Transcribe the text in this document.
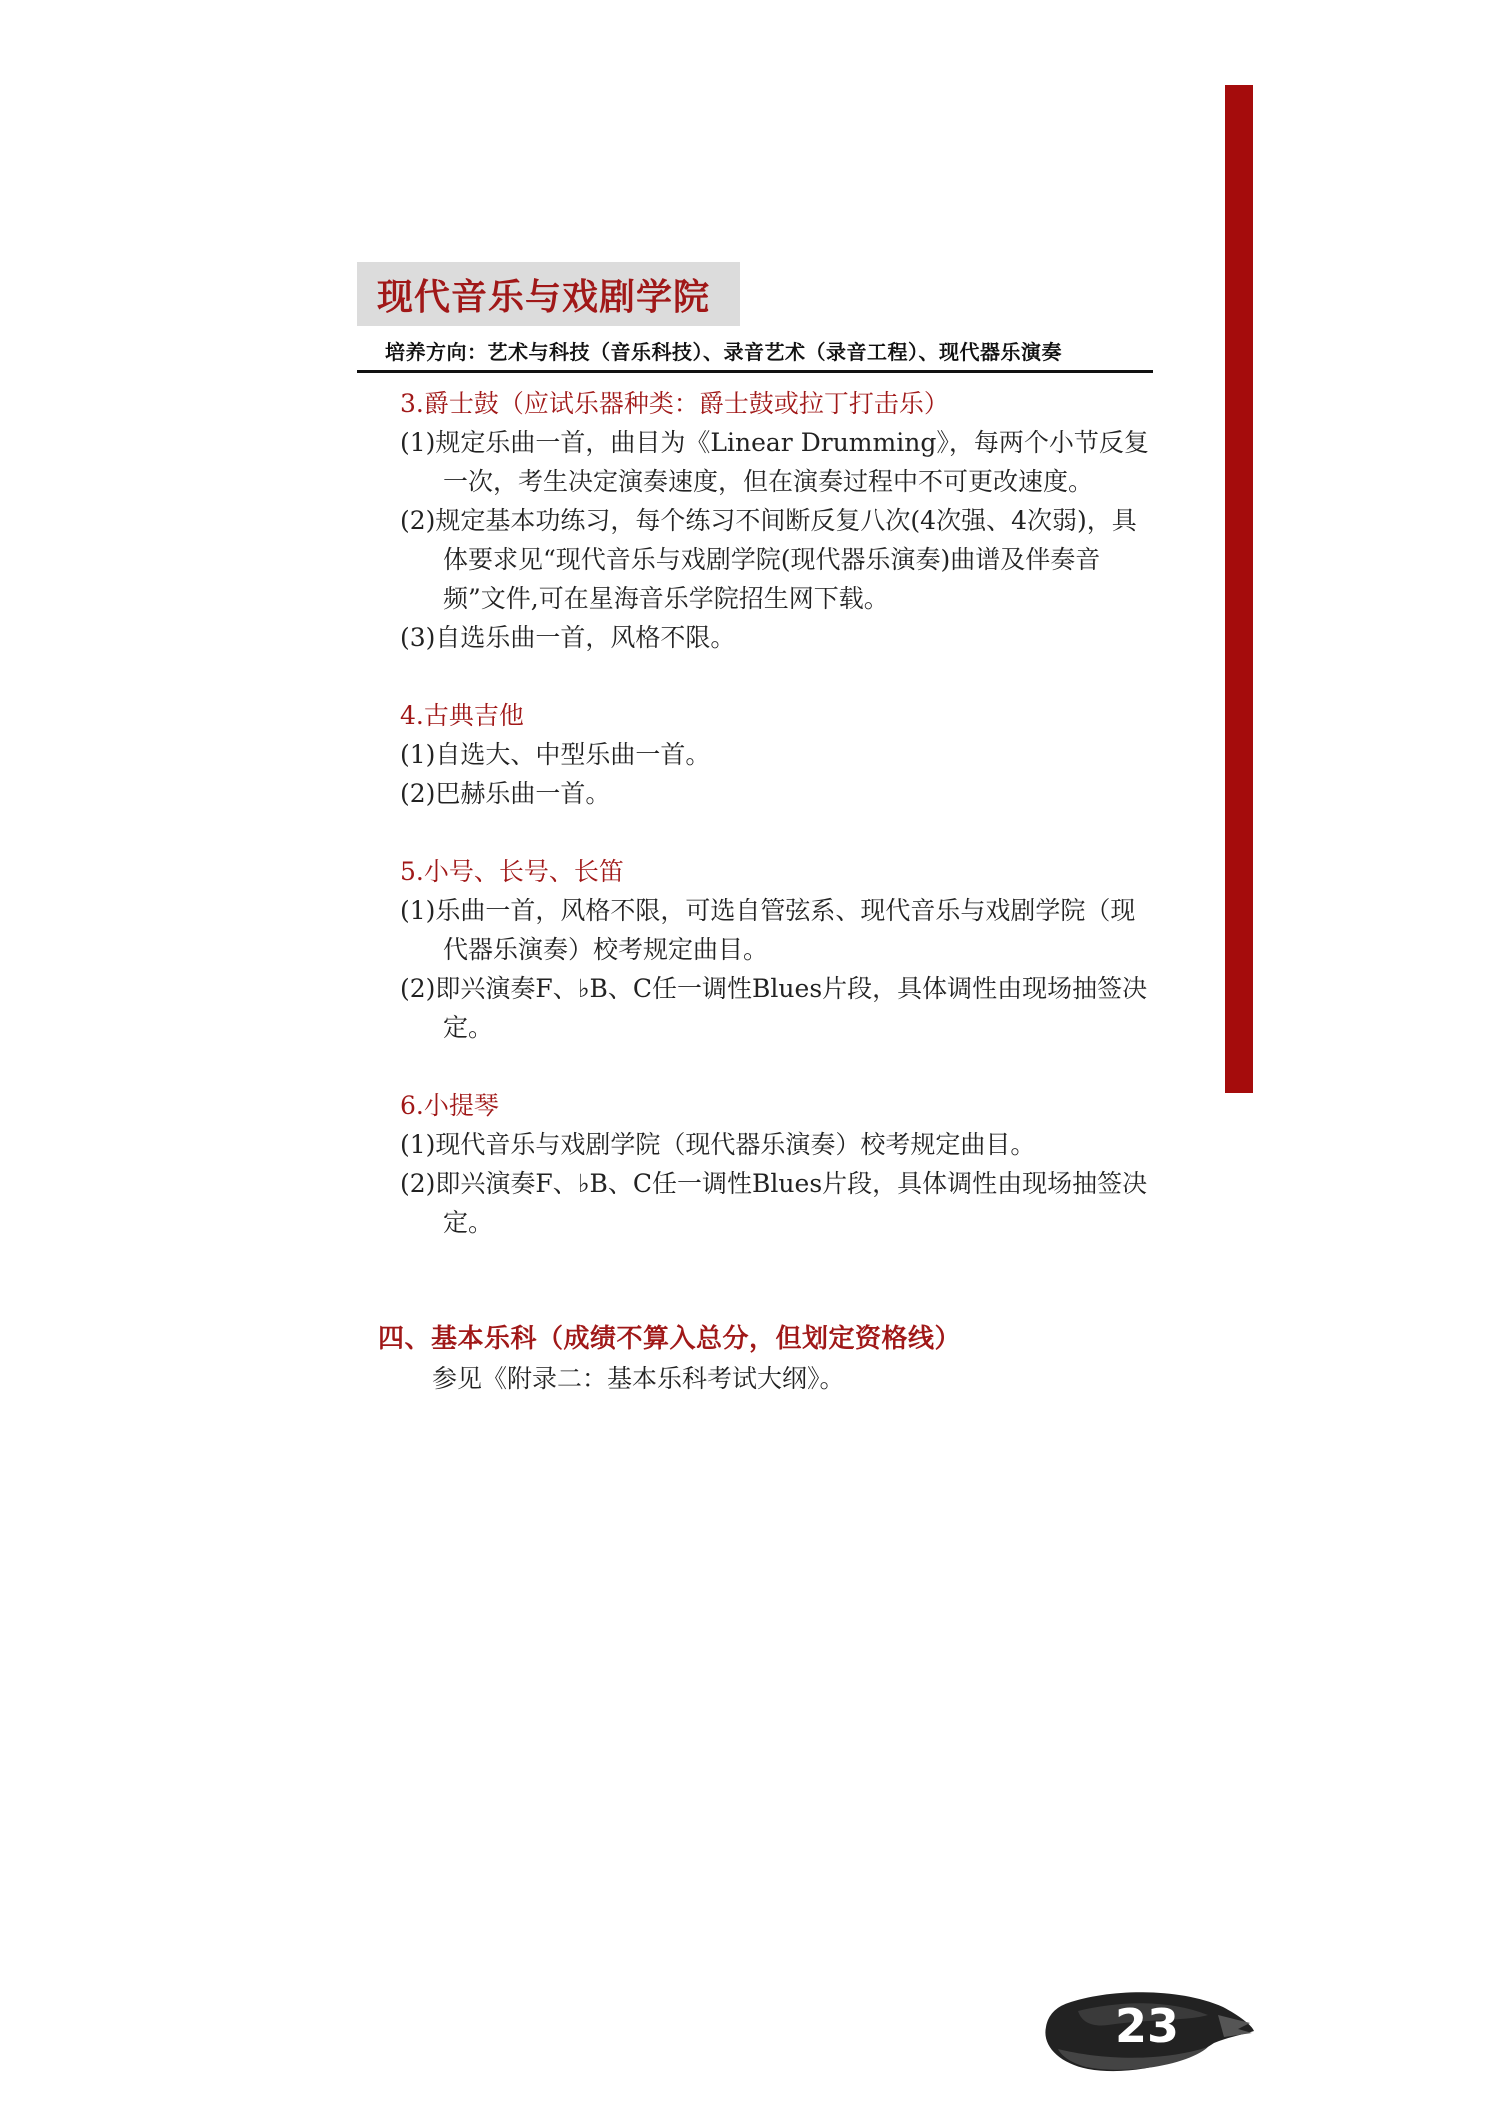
现代音乐与戏剧学院
培养方向：艺术与科技（音乐科技）、录音艺术（录音工程）、现代器乐演奏

3.爵士鼓（应试乐器种类：爵士鼓或拉丁打击乐）

(1)规定乐曲一首，曲目为《Linear Drumming》，每两个小节反复一次，考生决定演奏速度，但在演奏过程中不可更改速度。

(2)规定基本功练习，每个练习不间断反复八次(4次强、4次弱)，具体要求见“现代音乐与戏剧学院(现代器乐演奏)曲谱及伴奏音频”文件,可在星海音乐学院招生网下载。

(3)自选乐曲一首，风格不限。

4.古典吉他

(1)自选大、中型乐曲一首。

(2)巴赫乐曲一首。

5.小号、长号、长笛

(1)乐曲一首，风格不限，可选自管弦系、现代音乐与戏剧学院（现代器乐演奏）校考规定曲目。

(2)即兴演奏F、♭B、C任一调性Blues片段，具体调性由现场抽签决定。

6.小提琴

(1)现代音乐与戏剧学院（现代器乐演奏）校考规定曲目。

(2)即兴演奏F、♭B、C任一调性Blues片段，具体调性由现场抽签决定。

四、基本乐科（成绩不算入总分，但划定资格线）
参见《附录二：基本乐科考试大纲》。
23
